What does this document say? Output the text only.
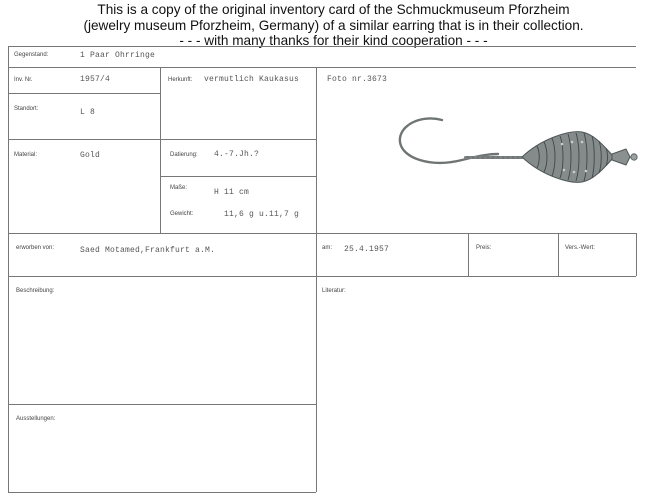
This is a copy of the original inventory card of the Schmuckmuseum Pforzheim
(jewelry museum Pforzheim, Germany) of a similar earring that is in their collection.
- - - with many thanks for their kind cooperation - - -
Gegenstand:	1 Paar Ohrringe
Inv. Nr.	1957/4	Herkunft: vermutlich Kaukasus	Foto nr.3673
Standort:	L 8
Material:	Gold	Datierung: 4.-7.Jh.?
Maße:	H 11 cm
Gewicht:	11,6 g u.11,7 g
erworben von:	Saed Motamed,Frankfurt a.M.	am: 25.4.1957	Preis:	Vers.-Wert:
Beschreibung:	Literatur:
Ausstellungen:
